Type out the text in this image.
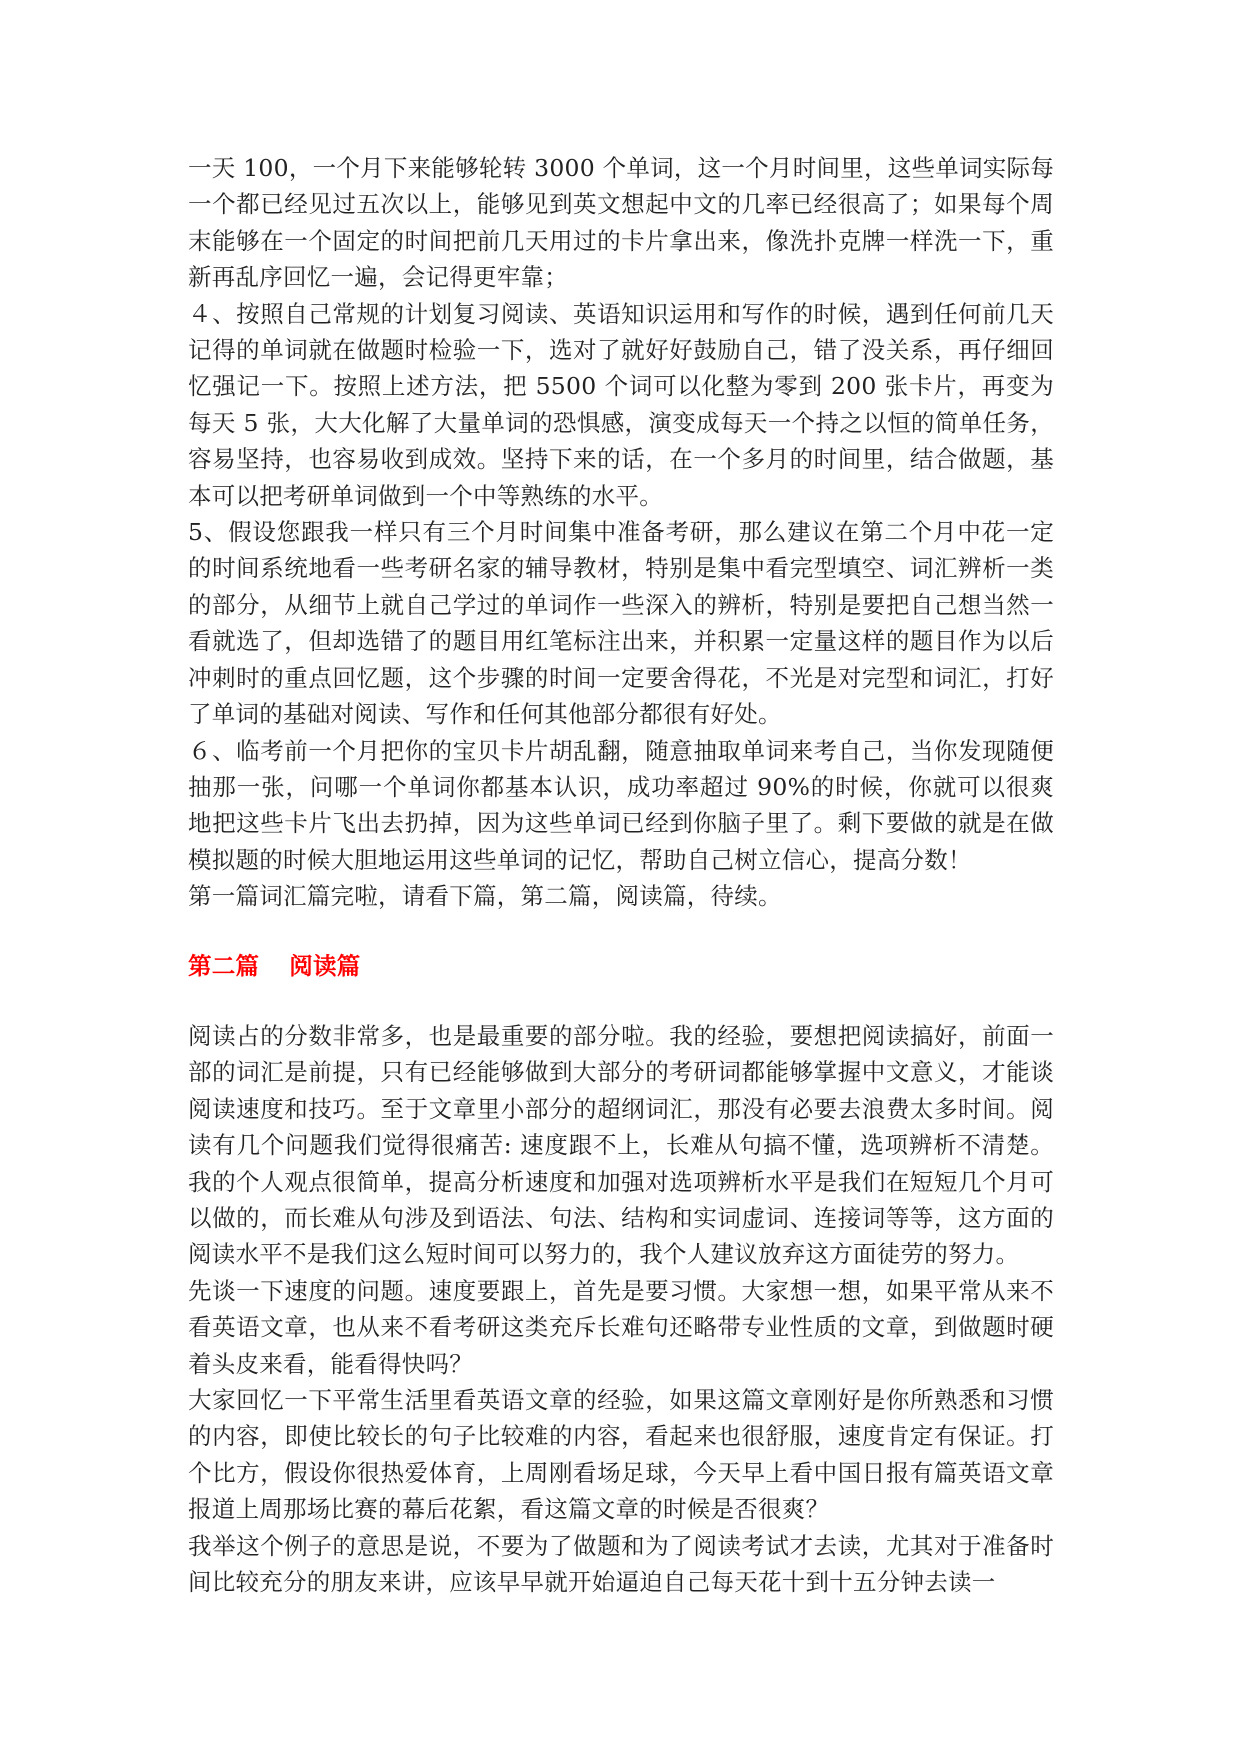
一天 100，一个月下来能够轮转 3000 个单词，这一个月时间里，这些单词实际每一个都已经见过五次以上，能够见到英文想起中文的几率已经很高了；如果每个周末能够在一个固定的时间把前几天用过的卡片拿出来，像洗扑克牌一样洗一下，重新再乱序回忆一遍，会记得更牢靠；

４、按照自己常规的计划复习阅读、英语知识运用和写作的时候，遇到任何前几天记得的单词就在做题时检验一下，选对了就好好鼓励自己，错了没关系，再仔细回忆强记一下。按照上述方法，把 5500 个词可以化整为零到 200 张卡片，再变为每天 5 张，大大化解了大量单词的恐惧感，演变成每天一个持之以恒的简单任务，容易坚持，也容易收到成效。坚持下来的话，在一个多月的时间里，结合做题，基本可以把考研单词做到一个中等熟练的水平。

5、假设您跟我一样只有三个月时间集中准备考研，那么建议在第二个月中花一定的时间系统地看一些考研名家的辅导教材，特别是集中看完型填空、词汇辨析一类的部分，从细节上就自己学过的单词作一些深入的辨析，特别是要把自己想当然一看就选了，但却选错了的题目用红笔标注出来，并积累一定量这样的题目作为以后冲刺时的重点回忆题，这个步骤的时间一定要舍得花，不光是对完型和词汇，打好了单词的基础对阅读、写作和任何其他部分都很有好处。

６、临考前一个月把你的宝贝卡片胡乱翻，随意抽取单词来考自己，当你发现随便抽那一张，问哪一个单词你都基本认识，成功率超过 90%的时候，你就可以很爽地把这些卡片飞出去扔掉，因为这些单词已经到你脑子里了。剩下要做的就是在做模拟题的时候大胆地运用这些单词的记忆，帮助自己树立信心，提高分数！

第一篇词汇篇完啦，请看下篇，第二篇，阅读篇，待续。

第二篇 阅读篇

阅读占的分数非常多，也是最重要的部分啦。我的经验，要想把阅读搞好，前面一部的词汇是前提，只有已经能够做到大部分的考研词都能够掌握中文意义，才能谈阅读速度和技巧。至于文章里小部分的超纲词汇，那没有必要去浪费太多时间。阅读有几个问题我们觉得很痛苦: 速度跟不上，长难从句搞不懂，选项辨析不清楚。我的个人观点很简单，提高分析速度和加强对选项辨析水平是我们在短短几个月可以做的，而长难从句涉及到语法、句法、结构和实词虚词、连接词等等，这方面的阅读水平不是我们这么短时间可以努力的，我个人建议放弃这方面徒劳的努力。

先谈一下速度的问题。速度要跟上，首先是要习惯。大家想一想，如果平常从来不看英语文章，也从来不看考研这类充斥长难句还略带专业性质的文章，到做题时硬着头皮来看，能看得快吗？

大家回忆一下平常生活里看英语文章的经验，如果这篇文章刚好是你所熟悉和习惯的内容，即使比较长的句子比较难的内容，看起来也很舒服，速度肯定有保证。打个比方，假设你很热爱体育，上周刚看场足球，今天早上看中国日报有篇英语文章报道上周那场比赛的幕后花絮，看这篇文章的时候是否很爽？

我举这个例子的意思是说，不要为了做题和为了阅读考试才去读，尤其对于准备时间比较充分的朋友来讲，应该早早就开始逼迫自己每天花十到十五分钟去读一
